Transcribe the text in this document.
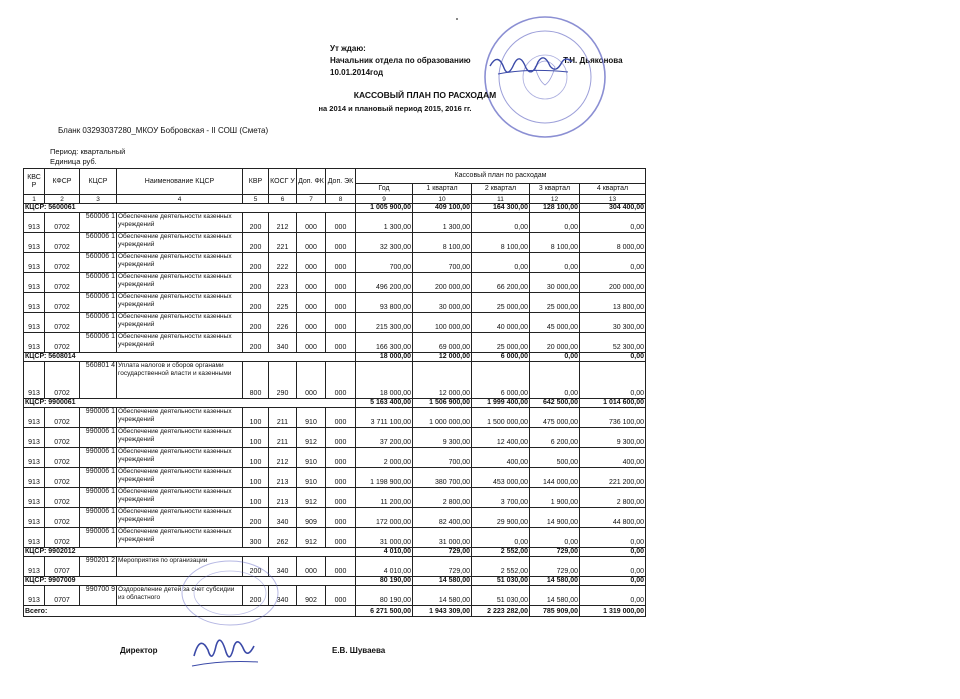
Ут ждаю:
Начальник отдела по образованию	Т.Н. Дьяконова
10.01.2014год
КАССОВЫЙ ПЛАН ПО РАСХОДАМ
на 2014 и плановый период 2015, 2016 гг.
Бланк 03293037280_МКОУ Бобровская - II СОШ (Смета)
Период: квартальный
Единица руб.
КВС Р	КФСР	КЦСР	Наименование КЦСР	КВР	КОСГ У	Доп. ФК	Доп. ЭК	Кассовый план по расходам				
								Год	1 квартал	2 квартал	3 квартал	4 квартал
1	2	3	4	5	6	7	8	9	10	11	12	13
КЦСР: 5600061								1 005 900,00	409 100,00	164 300,00	128 100,00	304 400,00
913	0702	560006 1	Обеспечение деятельности казенных учреждений	200	212	000	000	1 300,00	1 300,00	0,00	0,00	0,00
913	0702	560006 1	Обеспечение деятельности казенных учреждений	200	221	000	000	32 300,00	8 100,00	8 100,00	8 100,00	8 000,00
913	0702	560006 1	Обеспечение деятельности казенных учреждений	200	222	000	000	700,00	700,00	0,00	0,00	0,00
913	0702	560006 1	Обеспечение деятельности казенных учреждений	200	223	000	000	496 200,00	200 000,00	66 200,00	30 000,00	200 000,00
913	0702	560006 1	Обеспечение деятельности казенных учреждений	200	225	000	000	93 800,00	30 000,00	25 000,00	25 000,00	13 800,00
913	0702	560006 1	Обеспечение деятельности казенных учреждений	200	226	000	000	215 300,00	100 000,00	40 000,00	45 000,00	30 300,00
913	0702	560006 1	Обеспечение деятельности казенных учреждений	200	340	000	000	166 300,00	69 000,00	25 000,00	20 000,00	52 300,00
КЦСР: 5608014								18 000,00	12 000,00	6 000,00	0,00	0,00
913	0702	560801 4	Уплата налогов и сборов органами государственной власти и казенными	800	290	000	000	18 000,00	12 000,00	6 000,00	0,00	0,00
КЦСР: 9900061								5 163 400,00	1 506 900,00	1 999 400,00	642 500,00	1 014 600,00
913	0702	990006 1	Обеспечение деятельности казенных учреждений	100	211	910	000	3 711 100,00	1 000 000,00	1 500 000,00	475 000,00	736 100,00
913	0702	990006 1	Обеспечение деятельности казенных учреждений	100	211	912	000	37 200,00	9 300,00	12 400,00	6 200,00	9 300,00
913	0702	990006 1	Обеспечение деятельности казенных учреждений	100	212	910	000	2 000,00	700,00	400,00	500,00	400,00
913	0702	990006 1	Обеспечение деятельности казенных учреждений	100	213	910	000	1 198 900,00	380 700,00	453 000,00	144 000,00	221 200,00
913	0702	990006 1	Обеспечение деятельности казенных учреждений	100	213	912	000	11 200,00	2 800,00	3 700,00	1 900,00	2 800,00
913	0702	990006 1	Обеспечение деятельности казенных учреждений	200	340	909	000	172 000,00	82 400,00	29 900,00	14 900,00	44 800,00
913	0702	990006 1	Обеспечение деятельности казенных учреждений	300	262	912	000	31 000,00	31 000,00	0,00	0,00	0,00
КЦСР: 9902012								4 010,00	729,00	2 552,00	729,00	0,00
913	0707	990201 2	Мероприятия по организации	200	340	000	000	4 010,00	729,00	2 552,00	729,00	0,00
КЦСР: 9907009								80 190,00	14 580,00	51 030,00	14 580,00	0,00
913	0707	990700 9	Оздоровление детей за счет субсидии из областного	200	340	902	000	80 190,00	14 580,00	51 030,00	14 580,00	0,00
Всего:								6 271 500,00	1 943 309,00	2 223 282,00	785 909,00	1 319 000,00
Директор	Е.В. Шуваева
